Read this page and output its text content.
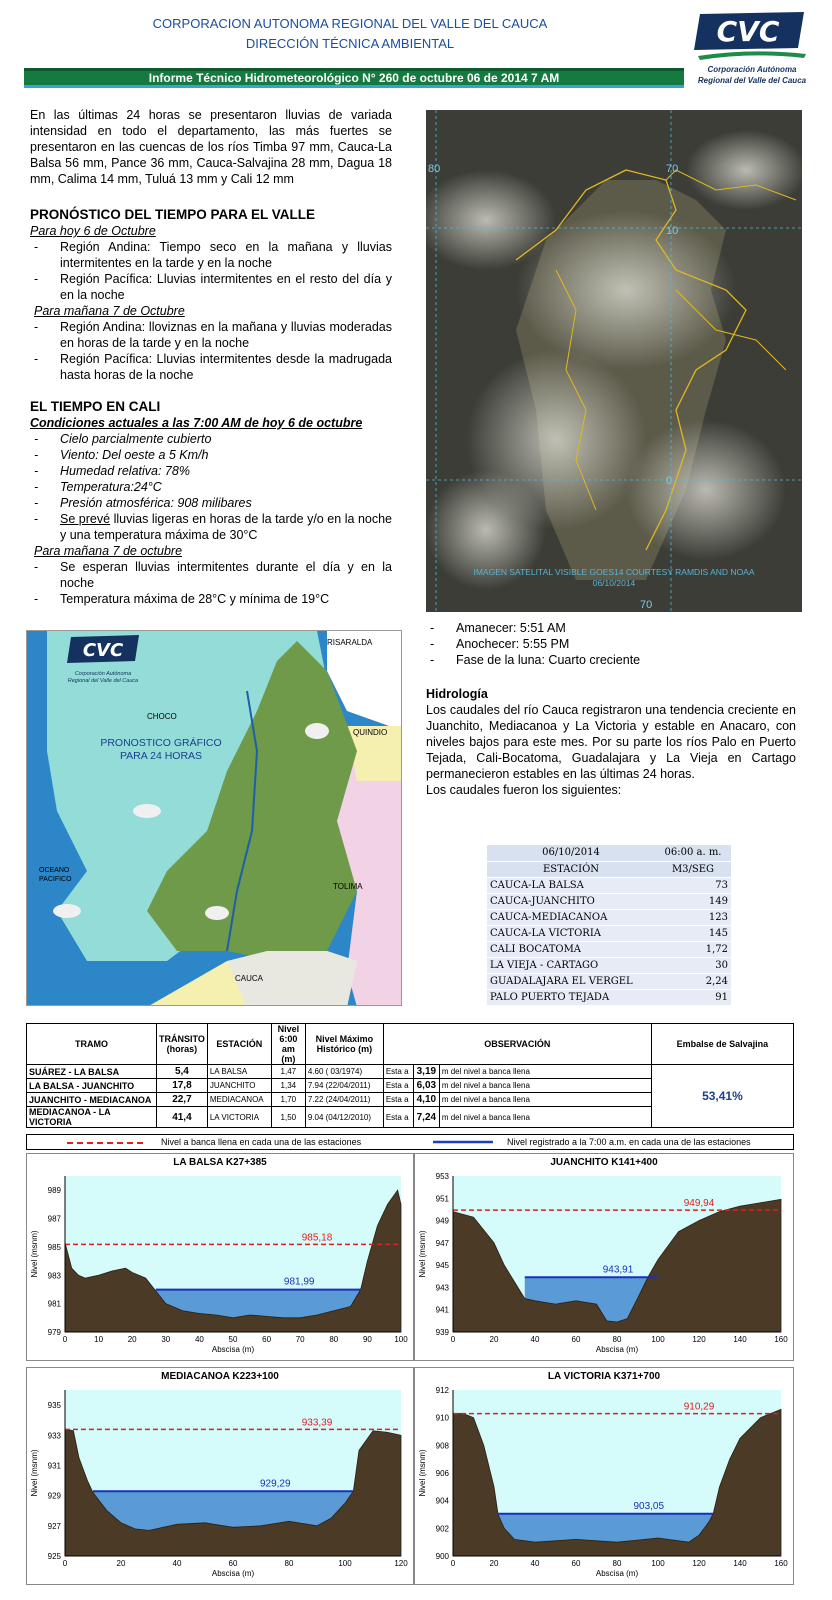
CORPORACION AUTONOMA REGIONAL DEL VALLE DEL CAUCA
DIRECCIÓN TÉCNICA AMBIENTAL	CVC
Corporación Autónoma
Regional del Valle del Cauca
Informe Técnico Hidrometeorológico N° 260 de octubre 06 de 2014 7 AM

En las últimas 24 horas se presentaron lluvias de variada intensidad en todo el departamento, las más fuertes se presentaron en las cuencas de los ríos Timba 97 mm, Cauca-La Balsa 56 mm, Pance 36 mm, Cauca-Salvajina 28 mm, Dagua 18 mm, Calima 14 mm, Tuluá 13 mm y Cali 12 mm

PRONÓSTICO DEL TIEMPO PARA EL VALLE
Para hoy 6 de Octubre
- Región Andina: Tiempo seco en la mañana y lluvias intermitentes en la tarde y en la noche
- Región Pacífica: Lluvias intermitentes en el resto del día y en la noche
Para mañana 7 de Octubre
- Región Andina: lloviznas en la mañana y lluvias moderadas en horas de la tarde y en la noche
- Región Pacífica: Lluvias intermitentes desde la madrugada hasta horas de la noche
EL TIEMPO EN CALI
Condiciones actuales a las 7:00 AM de hoy 6 de octubre
- Cielo parcialmente cubierto
- Viento: Del oeste a 5 Km/h
- Humedad relativa: 78%
- Temperatura:24°C
- Presión atmosférica: 908 milibares
- Se prevé lluvias ligeras en horas de la tarde y/o en la noche y una temperatura máxima de 30°C
Para mañana 7 de octubre
- Se esperan lluvias intermitentes durante el día y en la noche
- Temperatura máxima de 28°C y mínima de 19°C
10
0
80	70
70
IMAGEN SATELITAL VISIBLE GOES14 COURTESY RAMDIS AND NOAA
06/10/2014
CVC
Corporación Autónoma
Regional del Valle del Cauca
PRONOSTICO GRÁFICO
PARA 24 HORAS
RISARALDA
CHOCO
QUINDIO
OCEANO
PACIFICO
TOLIMA
CAUCA
- Amanecer: 5:51 AM
- Anochecer: 5:55 PM
- Fase de la luna: Cuarto creciente
Hidrología

Los caudales del río Cauca registraron una tendencia creciente en Juanchito, Mediacanoa y La Victoria y estable en Anacaro, con niveles bajos para este mes. Por su parte los ríos Palo en Puerto Tejada, Cali-Bocatoma, Guadalajara y La Vieja en Cartago permanecieron estables en las últimas 24 horas.

Los caudales fueron los siguientes:

06/10/2014	06:00 a. m.
ESTACIÓN	M3/SEG
CAUCA-LA BALSA	73
CAUCA-JUANCHITO	149
CAUCA-MEDIACANOA	123
CAUCA-LA VICTORIA	145
CALI BOCATOMA	1,72
LA VIEJA - CARTAGO	30
GUADALAJARA EL VERGEL	2,24
PALO PUERTO TEJADA	91
TRAMO	TRÁNSITO (horas)	ESTACIÓN	Nivel 6:00 am (m)	Nivel Máximo Histórico (m)	OBSERVACIÓN			Embalse de Salvajina
SUÁREZ - LA BALSA	5,4	LA BALSA	1,47	4.60 ( 03/1974)	Esta a	3,19	m del nivel a banca llena	53,41%
LA BALSA - JUANCHITO	17,8	JUANCHITO	1,34	7.94 (22/04/2011)	Esta a	6,03	m del nivel a banca llena	
JUANCHITO - MEDIACANOA	22,7	MEDIACANOA	1,70	7.22 (24/04/2011)	Esta a	4,10	m del nivel a banca llena	
MEDIACANOA - LA VICTORIA	41,4	LA VICTORIA	1,50	9.04 (04/12/2010)	Esta a	7,24	m del nivel a banca llena	
Nivel a banca llena en cada una de las estaciones	Nivel registrado a la 7:00 a.m. en cada una de las estaciones
LA BALSA K27+385
985,18
981,99
0	10	20	30	40	50	60	70	80	90	100
979
981
983
985
987
989
Abscisa (m)
Nivel (msnm)
JUANCHITO K141+400
949,94
943,91
0	20	40	60	80	100	120	140	160
939
941
943
945
947
949
951
953
Abscisa (m)
Nivel (msnm)
MEDIACANOA K223+100
933,39
929,29
0	20	40	60	80	100	120
925
927
929
931
933
935
Abscisa (m)
Nivel (msnm)
LA VICTORIA K371+700
910,29
903,05
0	20	40	60	80	100	120	140	160
900
902
904
906
908
910
912
Abscisa (m)
Nivel (msnm)
